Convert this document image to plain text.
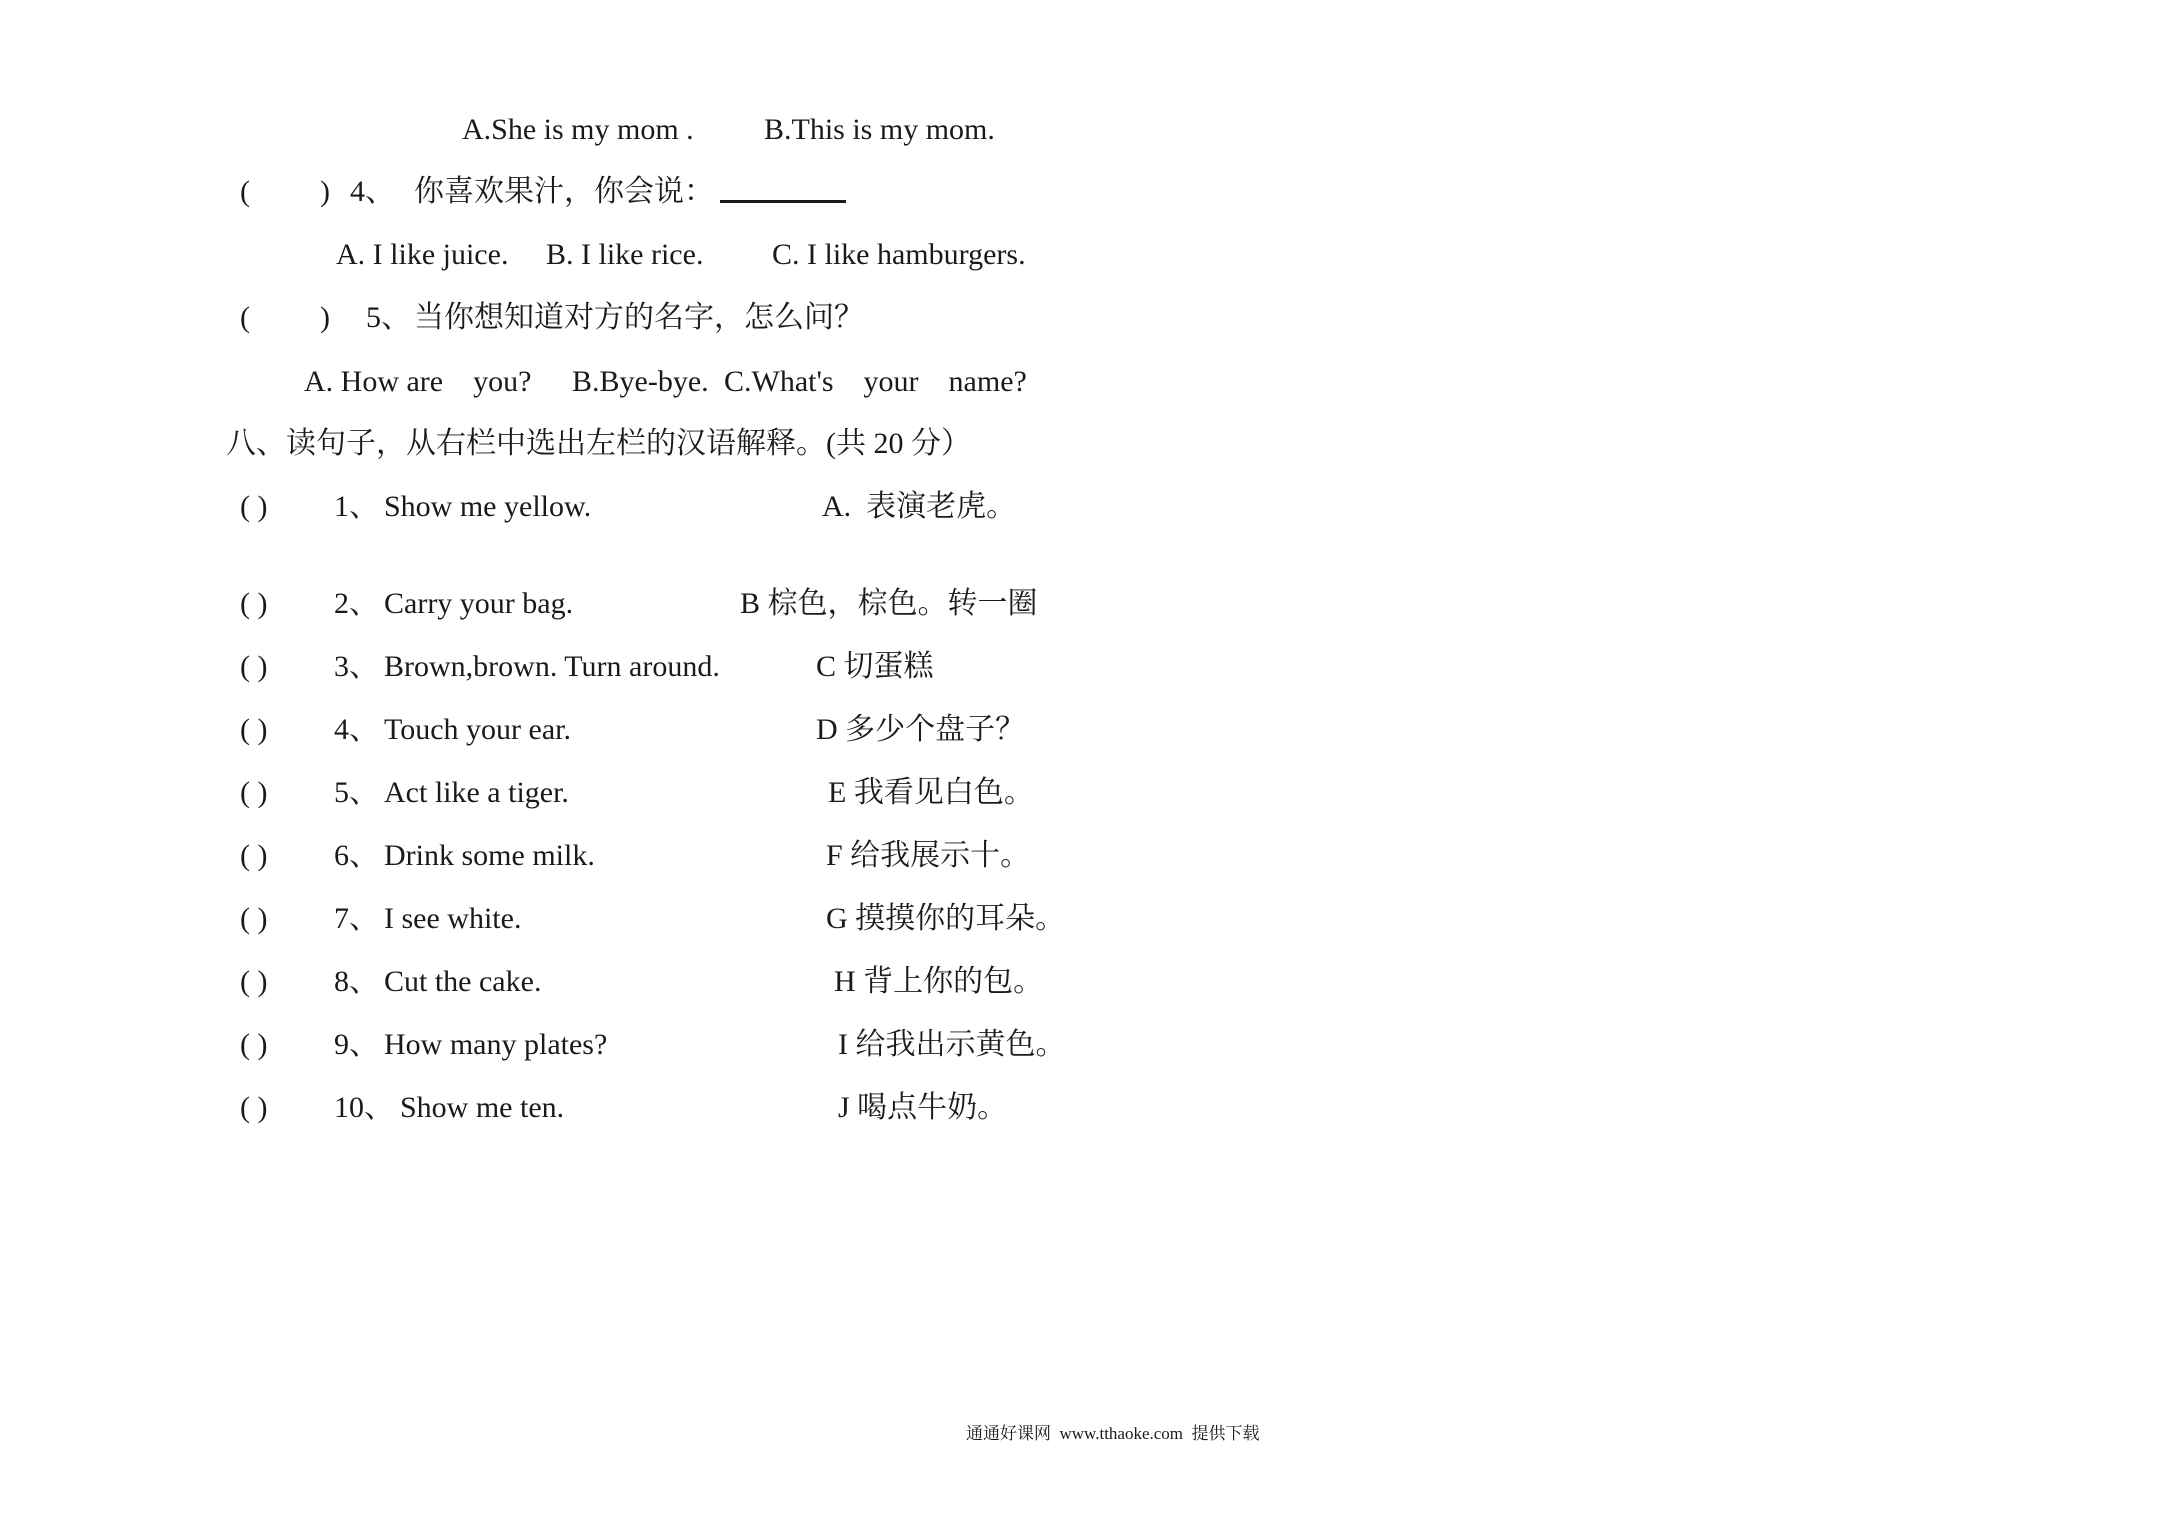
A.She is my mom . B.This is my mom.
( ) 4、 你喜欢果汁，你会说：
A. I like juice. B. I like rice. C. I like hamburgers.
( ) 5、 当你想知道对方的名字，怎么问？
A. How are    you? B.Bye-bye. C.What's    your    name?
八、读句子，从右栏中选出左栏的汉语解释。(共 20 分）
( ) 1、 Show me yellow.	A.  表演老虎。
( ) 2、 Carry your bag.	B 棕色，棕色。转一圈
( ) 3、 Brown,brown. Turn around.	C 切蛋糕
( ) 4、 Touch your ear.	D 多少个盘子？
( ) 5、 Act like a tiger.	E 我看见白色。
( ) 6、 Drink some milk.	F 给我展示十。
( ) 7、 I see white.	G 摸摸你的耳朵。
( ) 8、 Cut the cake.	H 背上你的包。
( ) 9、 How many plates?	I 给我出示黄色。
( ) 10、 Show me ten.	J 喝点牛奶。
通通好课网  www.tthaoke.com  提供下载
